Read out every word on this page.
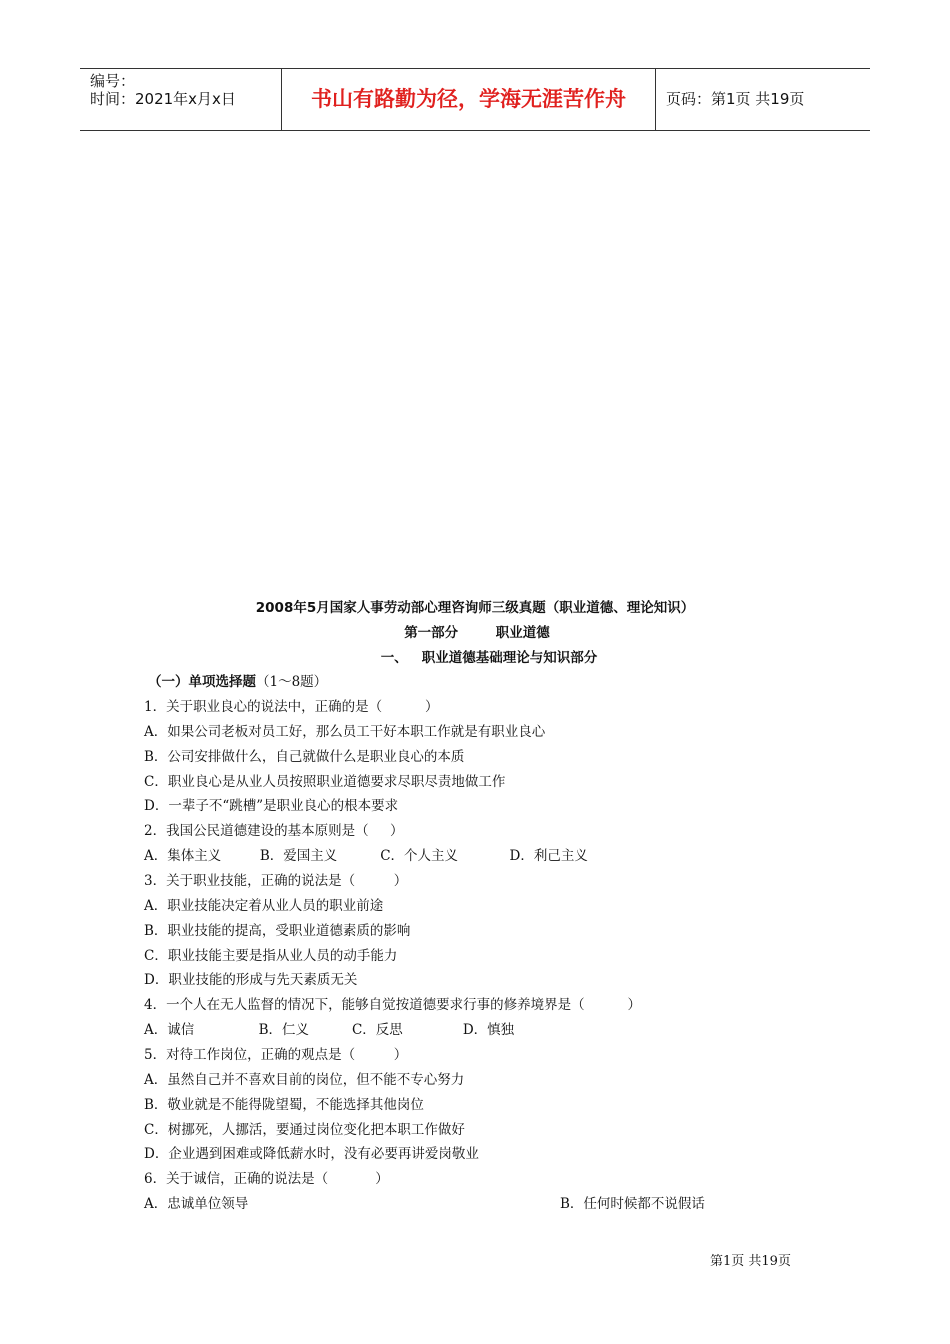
编号：
时间：2021年x月x日	书山有路勤为径，学海无涯苦作舟	页码：第1页 共19页
2008年5月国家人事劳动部心理咨询师三级真题（职业道德、理论知识）
第一部分        职业道德
一、   职业道德基础理论与知识部分
（一）单项选择题（1～8题）
1．关于职业良心的说法中，正确的是（          ）
A．如果公司老板对员工好，那么员工干好本职工作就是有职业良心
B．公司安排做什么，自己就做什么是职业良心的本质
C．职业良心是从业人员按照职业道德要求尽职尽责地做工作
D．一辈子不“跳槽”是职业良心的根本要求
2．我国公民道德建设的基本原则是（     ）
A．集体主义         B．爱国主义          C．个人主义            D．利己主义
3．关于职业技能，正确的说法是（         ）
A．职业技能决定着从业人员的职业前途
B．职业技能的提高，受职业道德素质的影响
C．职业技能主要是指从业人员的动手能力
D．职业技能的形成与先天素质无关
4．一个人在无人监督的情况下，能够自觉按道德要求行事的修养境界是（          ）
A．诚信               B．仁义          C．反思              D．慎独
5．对待工作岗位，正确的观点是（         ）
A．虽然自己并不喜欢目前的岗位，但不能不专心努力
B．敬业就是不能得陇望蜀，不能选择其他岗位
C．树挪死，人挪活，要通过岗位变化把本职工作做好
D．企业遇到困难或降低薪水时，没有必要再讲爱岗敬业
6．关于诚信，正确的说法是（           ）
A．忠诚单位领导	B．任何时候都不说假话
第1页 共19页
